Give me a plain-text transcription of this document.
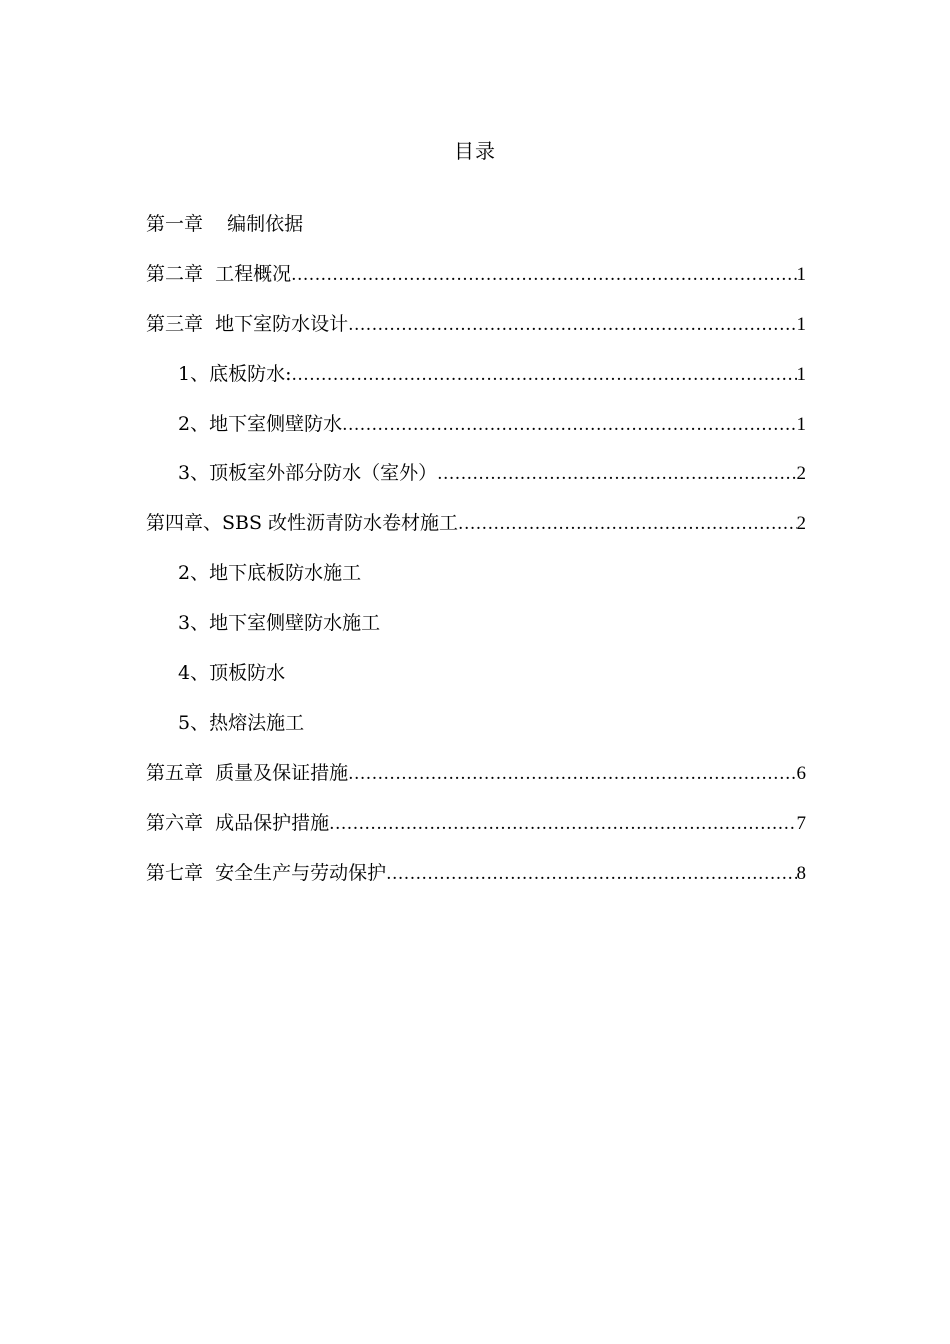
目录
第一章    编制依据
第二章  工程概况 .....	1
第三章  地下室防水设计 .....	1
1、底板防水: .....	1
2、地下室侧壁防水 .....	1
3、顶板室外部分防水（室外） .....	2
第四章、SBS 改性沥青防水卷材施工 .....	2
2、地下底板防水施工
3、地下室侧壁防水施工
4、顶板防水
5、热熔法施工
第五章  质量及保证措施 .....	6
第六章  成品保护措施 .....	7
第七章  安全生产与劳动保护 .....	8
